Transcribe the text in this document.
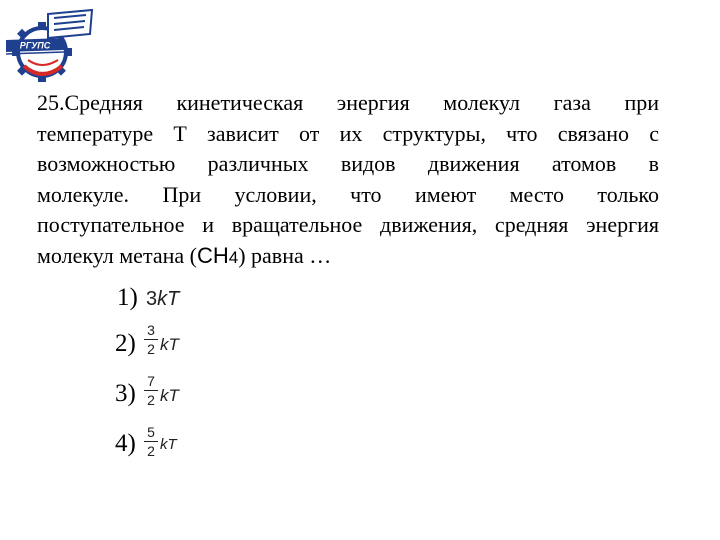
РГУПС
25.Средняя кинетическая энергия молекул газа при
температуре Т зависит от их структуры, что связано с
возможностью различных видов движения атомов в
молекуле. При условии, что имеют место только
поступательное и вращательное движения, средняя энергия
молекул метана (CH4) равна …
1) 3kT
2) 3
2 kT
3) 7
2 kT
4) 5
2 kT
